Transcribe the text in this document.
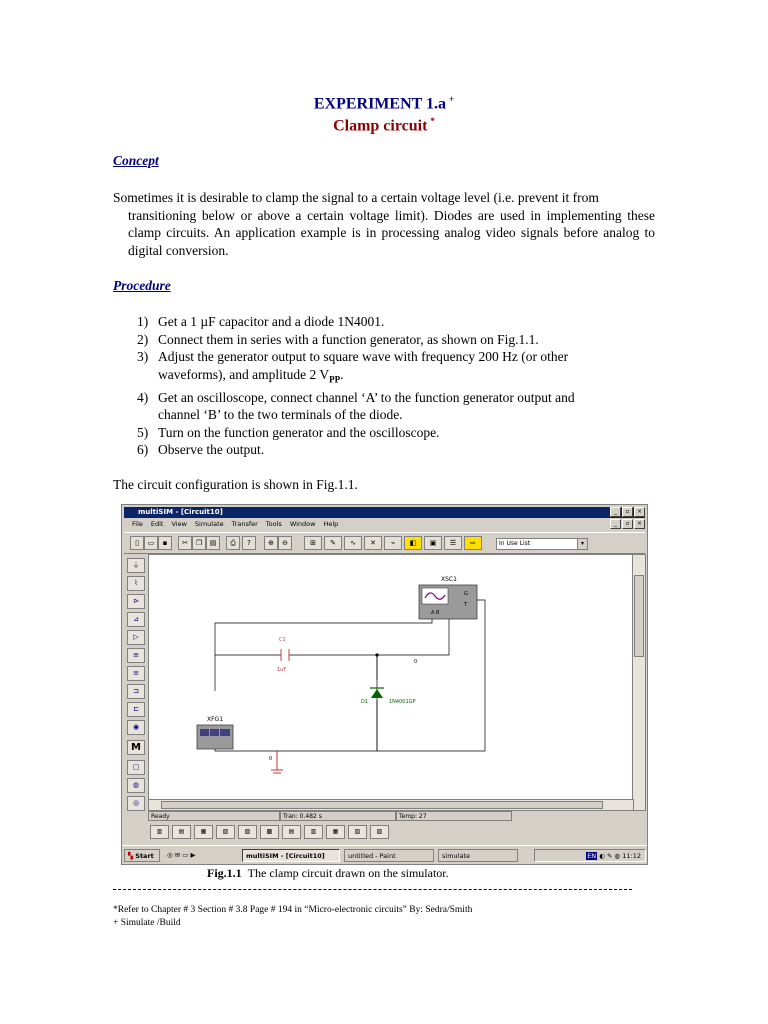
EXPERIMENT 1.a +
Clamp circuit *
Concept
Sometimes it is desirable to clamp the signal to a certain voltage level (i.e. prevent it from
transitioning below or above a certain voltage limit). Diodes are used in implementing these clamp circuits. An application example is in processing analog video signals before analog to digital conversion.
Procedure
1) Get a 1 µF capacitor and a diode 1N4001.
2) Connect them in series with a function generator, as shown on Fig.1.1.
3) Adjust the generator output to square wave with frequency 200 Hz (or other
waveforms), and amplitude 2 $V_{PP}$.
4) Get an oscilloscope, connect channel ‘A’ to the function generator output and
channel ‘B’ to the two terminals of the diode.
5) Turn on the function generator and the oscilloscope.
6) Observe the output.
The circuit configuration is shown in Fig.1.1.
multiSIM - [Circuit10]	_	▫	×
File Edit View Simulate Transfer Tools Window Help	_	▫	×
▯	▭	▪	✂	❐	▤	⎙	?	⊕	⊖	⊞	✎	∿	✕	⌁	◧	▣	☰	⇨	In Use List	▾
⏚
⌇
⊳
⊿
▷
≡
≡
⊐
⊏
◉
M
▢
◍
◎
XSC1
A B
G
T
C1
1uF
D1	1N4001GP
XFG1
0
0
Ready	Tran: 0.482 s	Temp: 27
▥	▤	▦	▧	▨	▩	▤	▥	▦	▧	▨
▚ Start	◎ ✉ ▭ ▶	multiSIM - [Circuit10]	untitled - Paint	simulate	EN ◐ ✎ ◍ 11:12
Fig.1.1 The clamp circuit drawn on the simulator.
*Refer to Chapter # 3 Section # 3.8 Page # 194 in “Micro-electronic circuits” By: Sedra/Smith
+ Simulate /Build
